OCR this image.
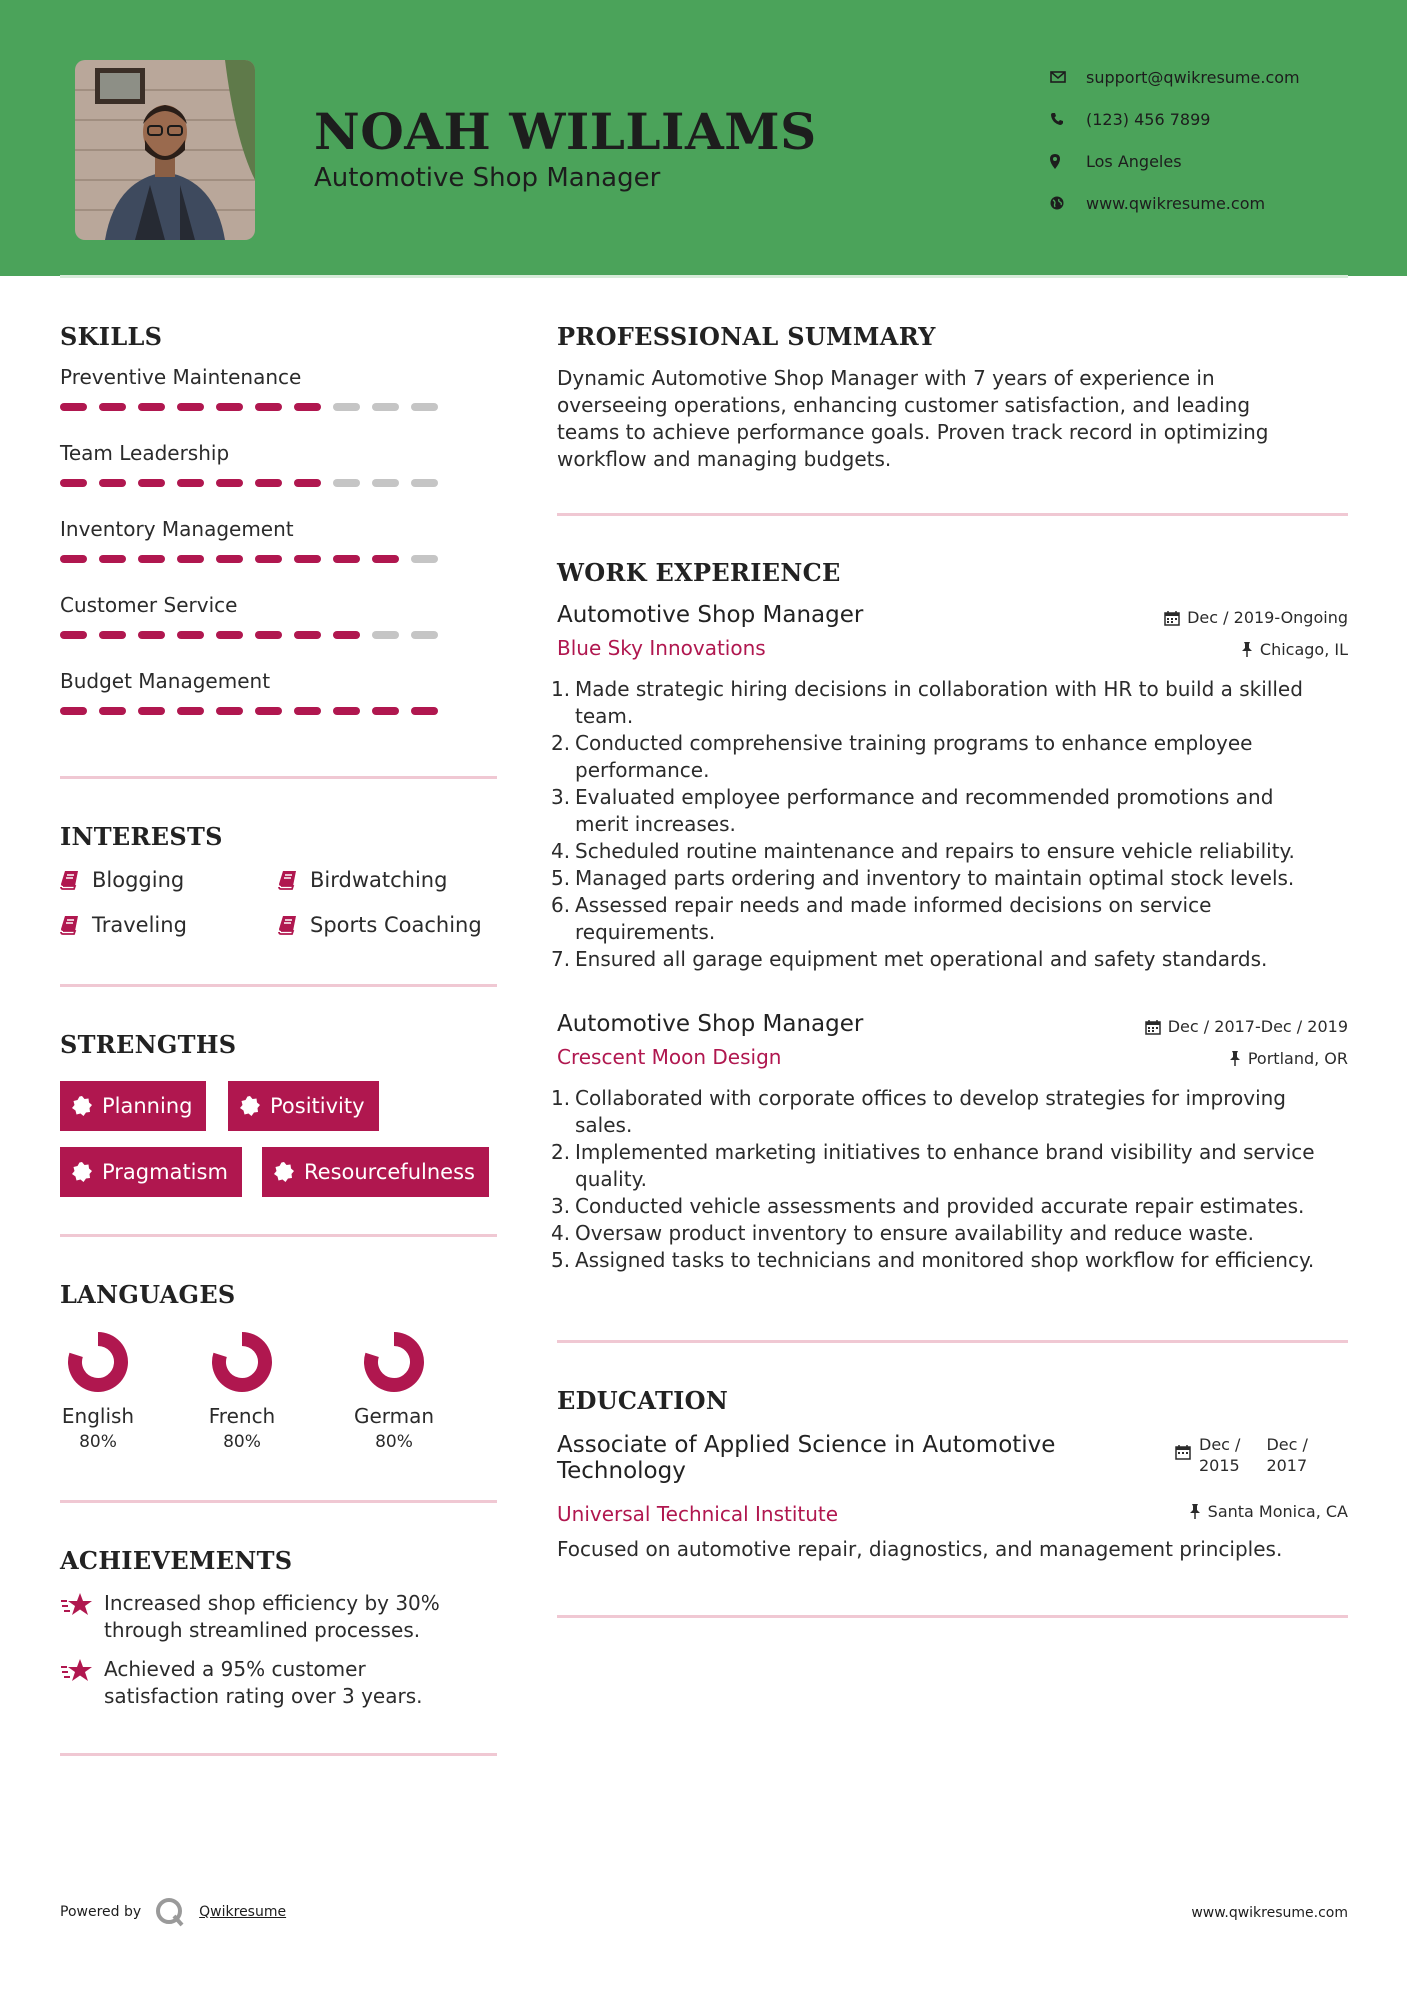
NOAH WILLIAMS
Automotive Shop Manager
support@qwikresume.com
(123) 456 7899
Los Angeles
www.qwikresume.com
SKILLS
Preventive Maintenance
Team Leadership
Inventory Management
Customer Service
Budget Management
INTERESTS
Blogging	Birdwatching
Traveling	Sports Coaching
STRENGTHS
Planning	Positivity
Pragmatism	Resourcefulness
LANGUAGES
English
80%
French
80%
German
80%
ACHIEVEMENTS
Increased shop efficiency by 30%
through streamlined processes.
Achieved a 95% customer
satisfaction rating over 3 years.
PROFESSIONAL SUMMARY
Dynamic Automotive Shop Manager with 7 years of experience in
overseeing operations, enhancing customer satisfaction, and leading
teams to achieve performance goals. Proven track record in optimizing
workflow and managing budgets.
WORK EXPERIENCE
Automotive Shop Manager
Blue Sky Innovations
Dec / 2019-Ongoing
Chicago, IL
1. Made strategic hiring decisions in collaboration with HR to build a skilled
team.
2. Conducted comprehensive training programs to enhance employee
performance.
3. Evaluated employee performance and recommended promotions and
merit increases.
4. Scheduled routine maintenance and repairs to ensure vehicle reliability.
5. Managed parts ordering and inventory to maintain optimal stock levels.
6. Assessed repair needs and made informed decisions on service
requirements.
7. Ensured all garage equipment met operational and safety standards.
Automotive Shop Manager
Crescent Moon Design
Dec / 2017-Dec / 2019
Portland, OR
1. Collaborated with corporate offices to develop strategies for improving
sales.
2. Implemented marketing initiatives to enhance brand visibility and service
quality.
3. Conducted vehicle assessments and provided accurate repair estimates.
4. Oversaw product inventory to ensure availability and reduce waste.
5. Assigned tasks to technicians and monitored shop workflow for efficiency.
EDUCATION
Associate of Applied Science in Automotive
Technology
Dec /
2015
Dec /
2017
Universal Technical Institute	Santa Monica, CA
Focused on automotive repair, diagnostics, and management principles.
Powered by	Qwikresume	www.qwikresume.com
